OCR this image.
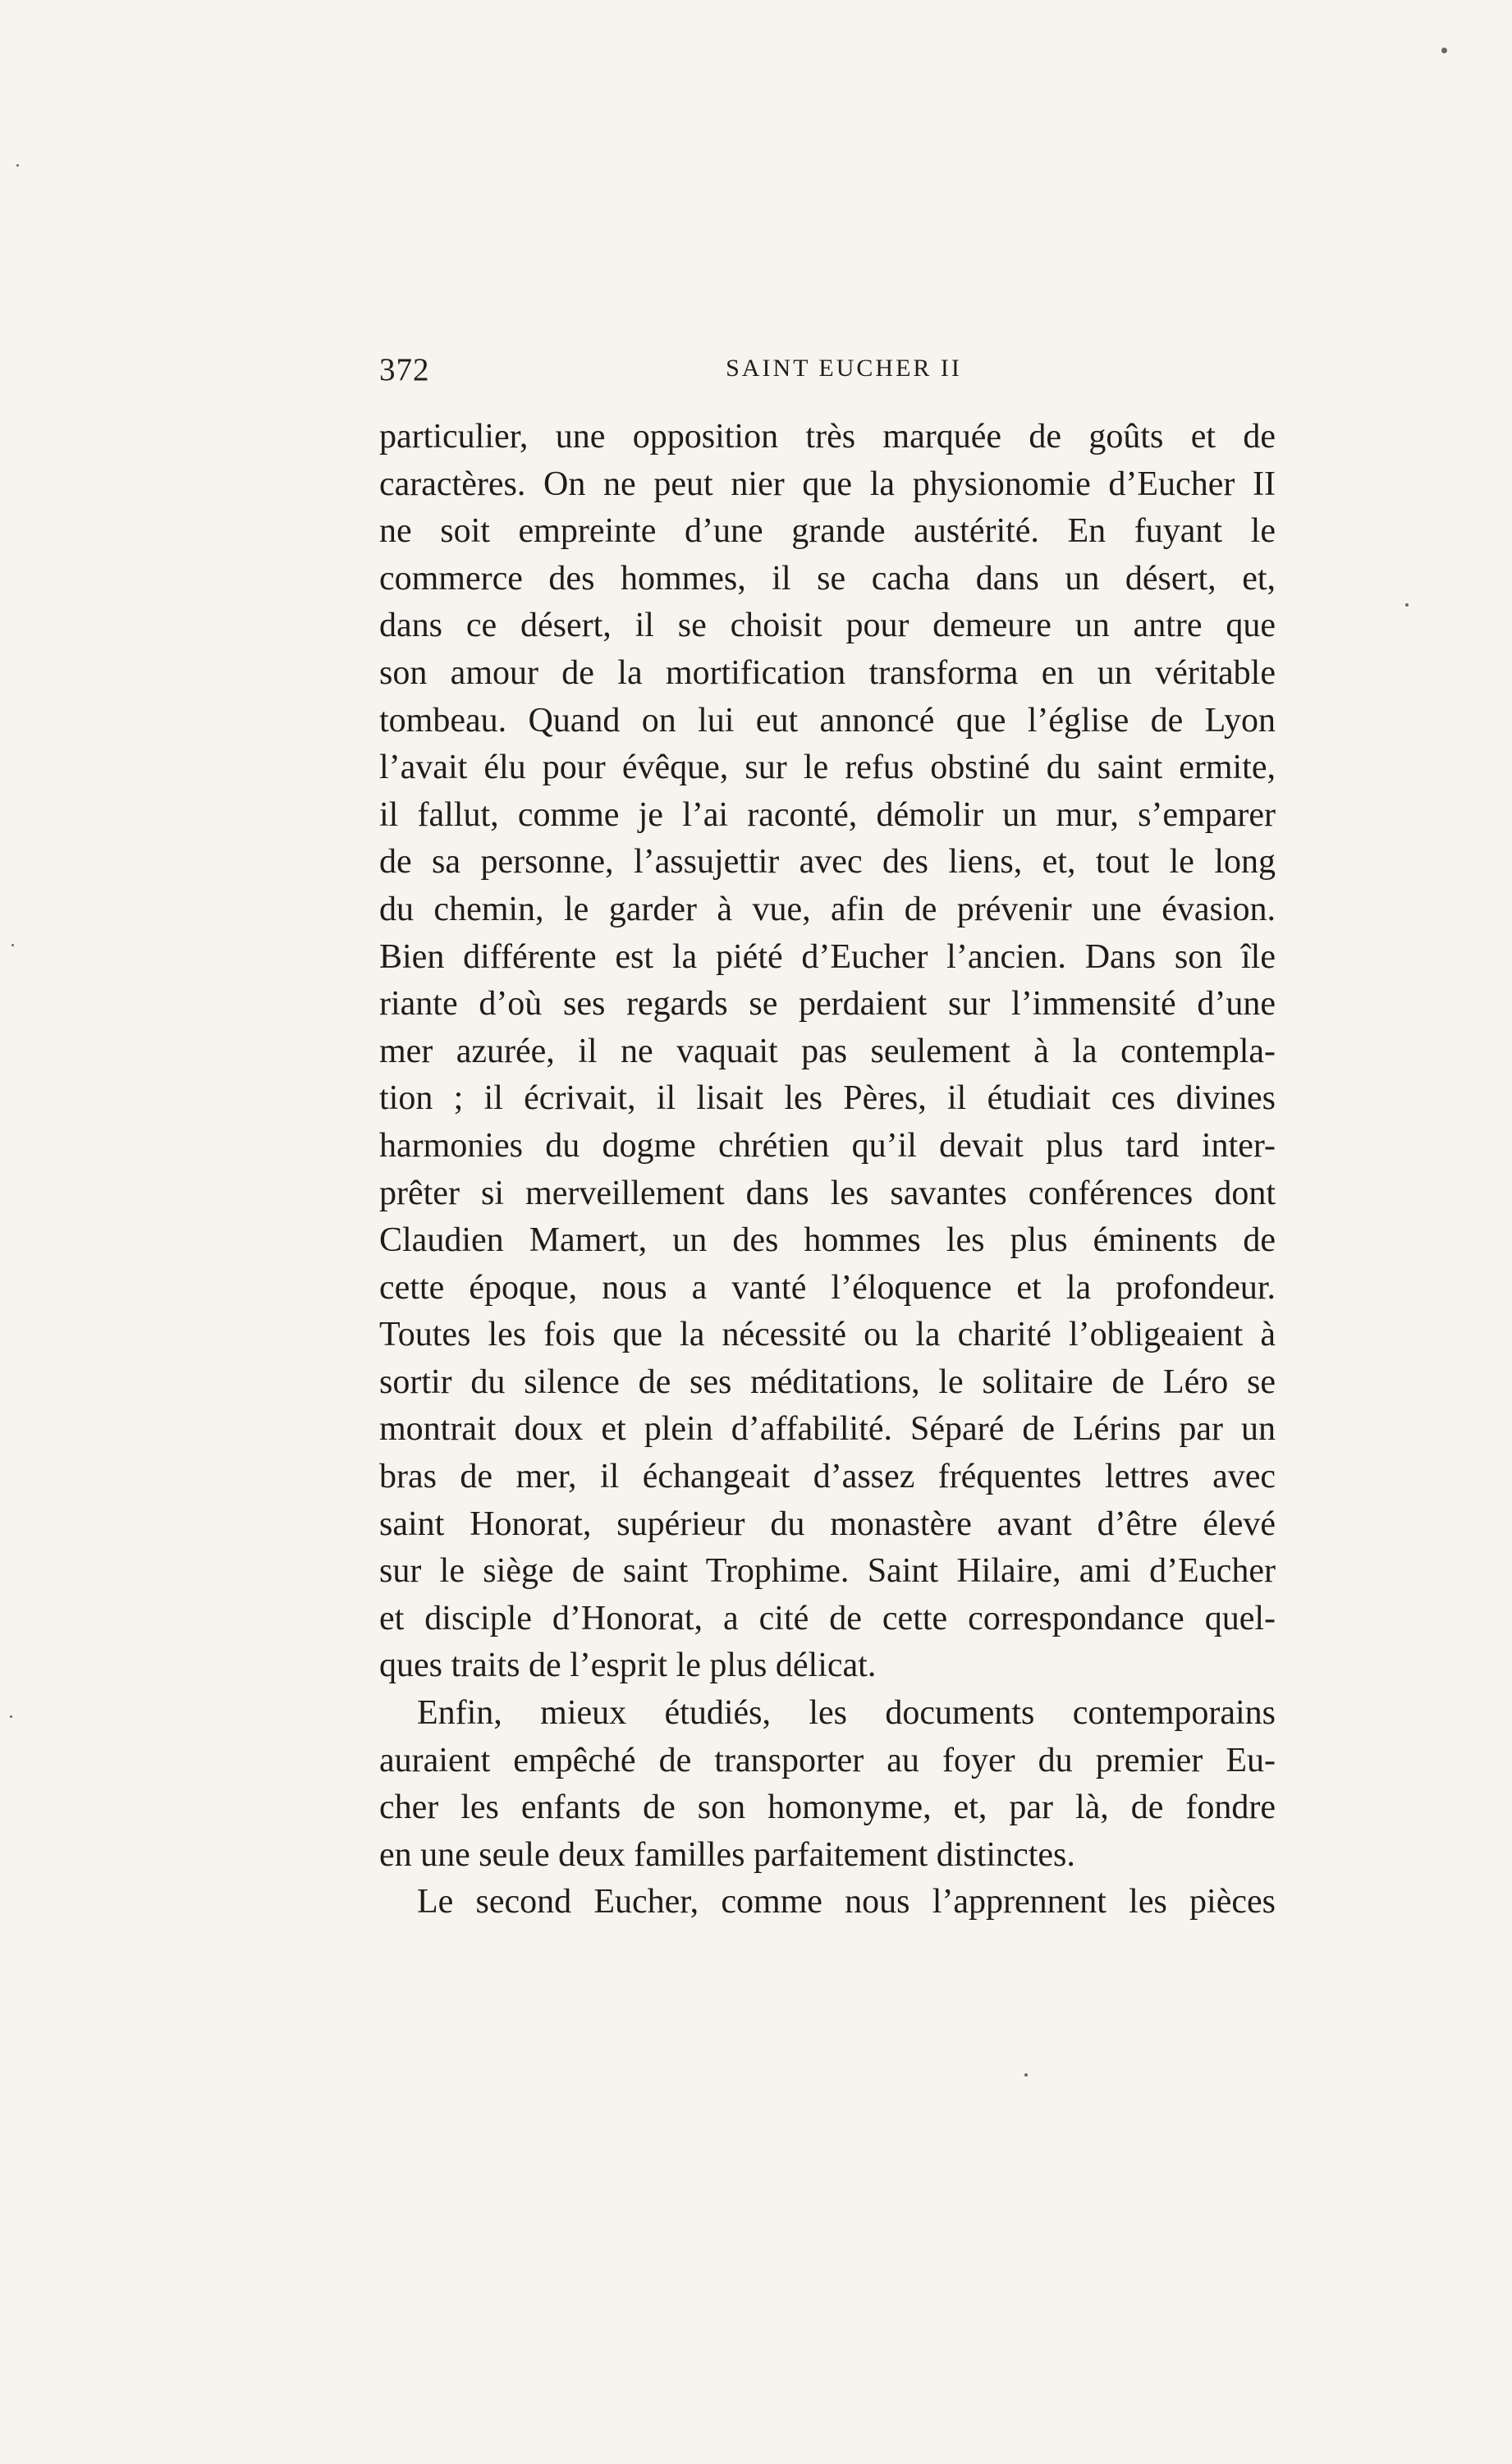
372	SAINT EUCHER II
particulier, une opposition très marquée de goûts et de
caractères. On ne peut nier que la physionomie d’Eucher II
ne soit empreinte d’une grande austérité. En fuyant le
commerce des hommes, il se cacha dans un désert, et,
dans ce désert, il se choisit pour demeure un antre que
son amour de la mortification transforma en un véritable
tombeau. Quand on lui eut annoncé que l’église de Lyon
l’avait élu pour évêque, sur le refus obstiné du saint ermite,
il fallut, comme je l’ai raconté, démolir un mur, s’emparer
de sa personne, l’assujettir avec des liens, et, tout le long
du chemin, le garder à vue, afin de prévenir une évasion.
Bien différente est la piété d’Eucher l’ancien. Dans son île
riante d’où ses regards se perdaient sur l’immensité d’une
mer azurée, il ne vaquait pas seulement à la contempla-
tion ; il écrivait, il lisait les Pères, il étudiait ces divines
harmonies du dogme chrétien qu’il devait plus tard inter-
prêter si merveillement dans les savantes conférences dont
Claudien Mamert, un des hommes les plus éminents de
cette époque, nous a vanté l’éloquence et la profondeur.
Toutes les fois que la nécessité ou la charité l’obligeaient à
sortir du silence de ses méditations, le solitaire de Léro se
montrait doux et plein d’affabilité. Séparé de Lérins par un
bras de mer, il échangeait d’assez fréquentes lettres avec
saint Honorat, supérieur du monastère avant d’être élevé
sur le siège de saint Trophime. Saint Hilaire, ami d’Eucher
et disciple d’Honorat, a cité de cette correspondance quel-
ques traits de l’esprit le plus délicat.
Enfin, mieux étudiés, les documents contemporains
auraient empêché de transporter au foyer du premier Eu-
cher les enfants de son homonyme, et, par là, de fondre
en une seule deux familles parfaitement distinctes.
Le second Eucher, comme nous l’apprennent les pièces
